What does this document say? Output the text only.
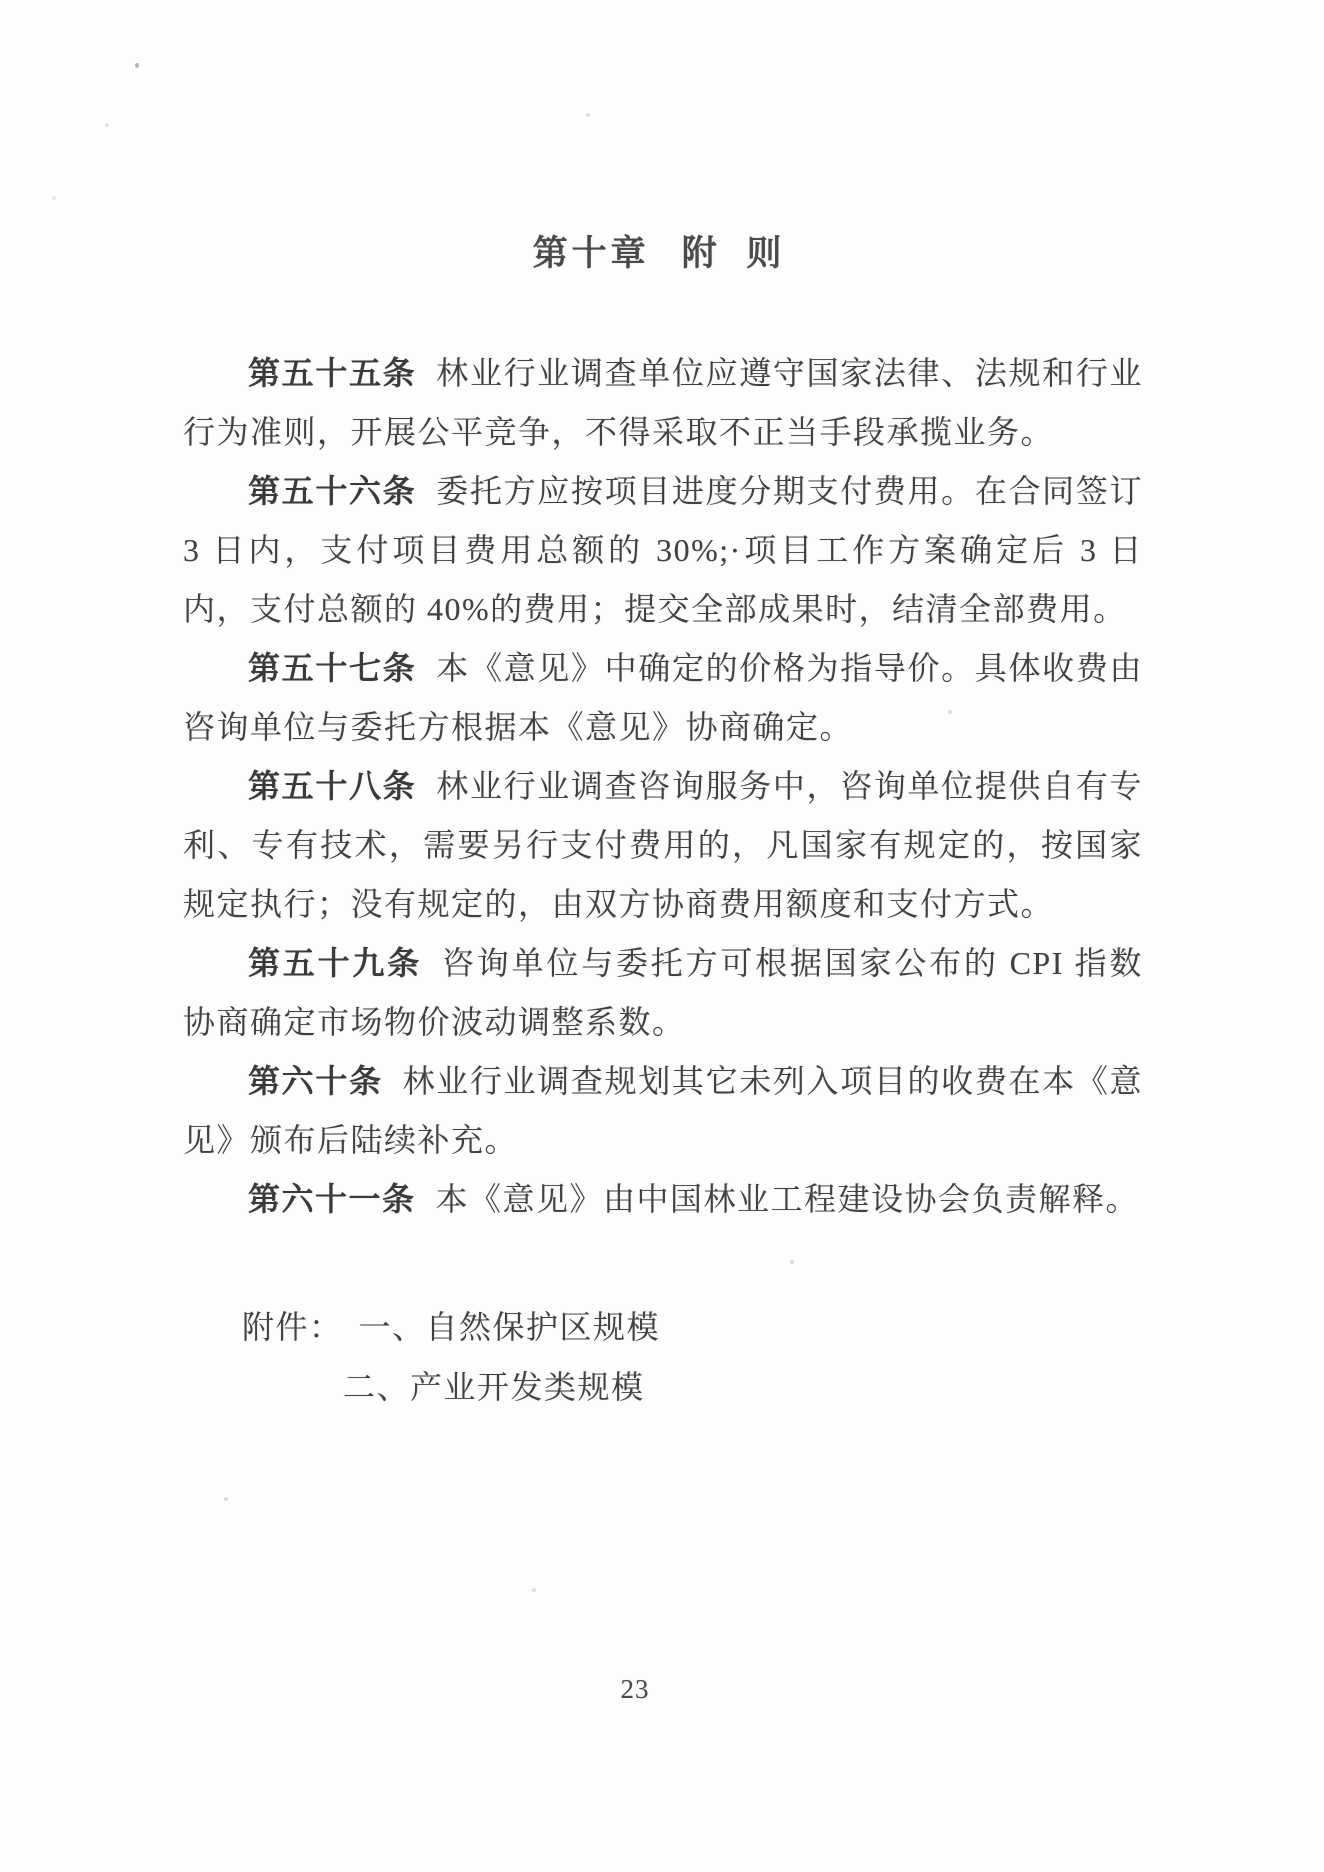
第十章 附 则

第五十五条 林业行业调查单位应遵守国家法律、法规和行业行为准则，开展公平竞争，不得采取不正当手段承揽业务。

第五十六条 委托方应按项目进度分期支付费用。在合同签订 3 日内，支付项目费用总额的 30%;·项目工作方案确定后 3 日内，支付总额的 40%的费用；提交全部成果时，结清全部费用。

第五十七条 本《意见》中确定的价格为指导价。具体收费由咨询单位与委托方根据本《意见》协商确定。

第五十八条 林业行业调查咨询服务中，咨询单位提供自有专利、专有技术，需要另行支付费用的，凡国家有规定的，按国家规定执行；没有规定的，由双方协商费用额度和支付方式。

第五十九条 咨询单位与委托方可根据国家公布的 CPI 指数协商确定市场物价波动调整系数。

第六十条 林业行业调查规划其它未列入项目的收费在本《意见》颁布后陆续补充。

第六十一条 本《意见》由中国林业工程建设协会负责解释。

附件： 一、自然保护区规模
二、产业开发类规模
23
